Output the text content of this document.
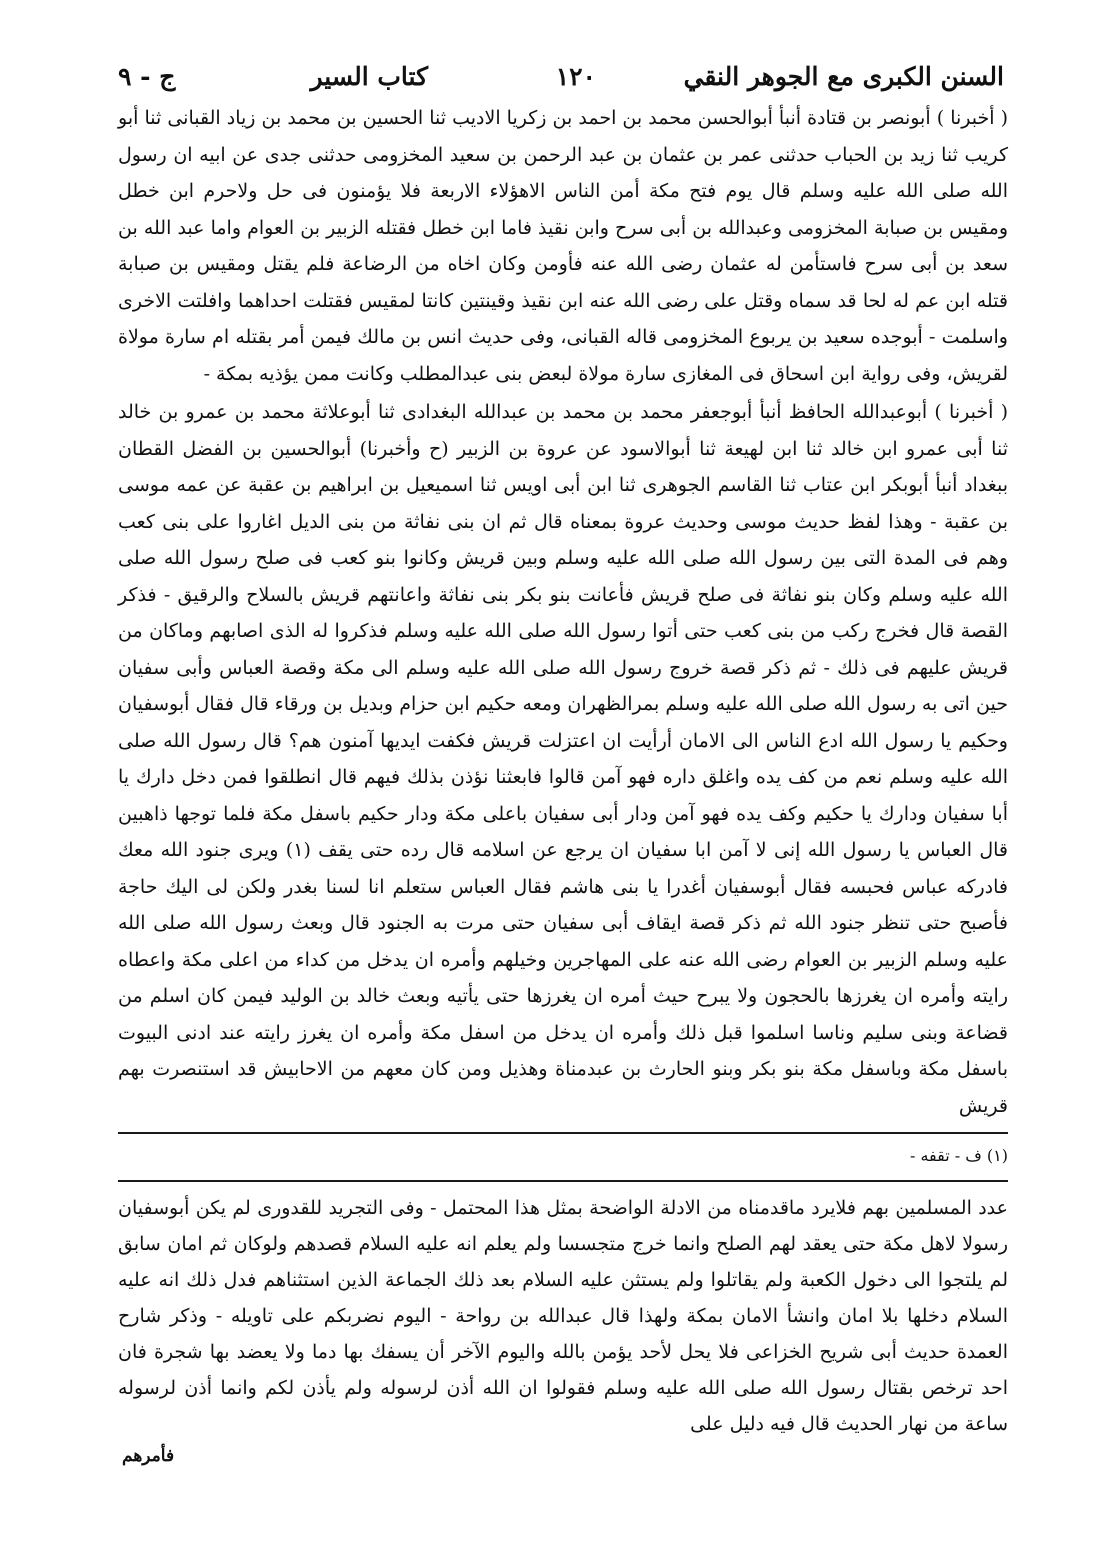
السنن الكبرى مع الجوهر النقي
١٢٠
كتاب السير
ج - ٩

( أخبرنا ) أبونصر بن قتادة أنبأ أبوالحسن محمد بن احمد بن زكريا الاديب ثنا الحسين بن محمد بن زياد القبانى ثنا أبو كريب ثنا زيد بن الحباب حدثنى عمر بن عثمان بن عبد الرحمن بن سعيد المخزومى حدثنى جدى عن ابيه ان رسول الله صلى الله عليه وسلم قال يوم فتح مكة أمن الناس الاهؤلاء الاربعة فلا يؤمنون فى حل ولاحرم ابن خطل ومقيس بن صبابة المخزومى وعبدالله بن أبى سرح وابن نقيذ فاما ابن خطل فقتله الزبير بن العوام واما عبد الله بن سعد بن أبى سرح فاستأمن له عثمان رضى الله عنه فأومن وكان اخاه من الرضاعة فلم يقتل ومقيس بن صبابة قتله ابن عم له لحا قد سماه وقتل على رضى الله عنه ابن نقيذ وقينتين كانتا لمقيس فقتلت احداهما وافلتت الاخرى واسلمت - أبوجده سعيد بن يربوع المخزومى قاله القبانى، وفى حديث انس بن مالك فيمن أمر بقتله ام سارة مولاة لقريش، وفى رواية ابن اسحاق فى المغازى سارة مولاة لبعض بنى عبدالمطلب وكانت ممن يؤذيه بمكة -

( أخبرنا ) أبوعبدالله الحافظ أنبأ أبوجعفر محمد بن محمد بن عبدالله البغدادى ثنا أبوعلاثة محمد بن عمرو بن خالد ثنا أبى عمرو ابن خالد ثنا ابن لهيعة ثنا أبوالاسود عن عروة بن الزبير (ح وأخبرنا) أبوالحسين بن الفضل القطان ببغداد أنبأ أبوبكر ابن عتاب ثنا القاسم الجوهرى ثنا ابن أبى اويس ثنا اسميعيل بن ابراهيم بن عقبة عن عمه موسى بن عقبة - وهذا لفظ حديث موسى وحديث عروة بمعناه قال ثم ان بنى نفاثة من بنى الديل اغاروا على بنى كعب وهم فى المدة التى بين رسول الله صلى الله عليه وسلم وبين قريش وكانوا بنو كعب فى صلح رسول الله صلى الله عليه وسلم وكان بنو نفاثة فى صلح قريش فأعانت بنو بكر بنى نفاثة واعانتهم قريش بالسلاح والرقيق - فذكر القصة قال فخرج ركب من بنى كعب حتى أتوا رسول الله صلى الله عليه وسلم فذكروا له الذى اصابهم وماكان من قريش عليهم فى ذلك - ثم ذكر قصة خروج رسول الله صلى الله عليه وسلم الى مكة وقصة العباس وأبى سفيان حين اتى به رسول الله صلى الله عليه وسلم بمرالظهران ومعه حكيم ابن حزام وبديل بن ورقاء قال فقال أبوسفيان وحكيم يا رسول الله ادع الناس الى الامان أرأيت ان اعتزلت قريش فكفت ايديها آمنون هم؟ قال رسول الله صلى الله عليه وسلم نعم من كف يده واغلق داره فهو آمن قالوا فابعثنا نؤذن بذلك فيهم قال انطلقوا فمن دخل دارك يا أبا سفيان ودارك يا حكيم وكف يده فهو آمن ودار أبى سفيان باعلى مكة ودار حكيم باسفل مكة فلما توجها ذاهبين قال العباس يا رسول الله إنى لا آمن ابا سفيان ان يرجع عن اسلامه قال رده حتى يقف (١) ويرى جنود الله معك فادركه عباس فحبسه فقال أبوسفيان أغدرا يا بنى هاشم فقال العباس ستعلم انا لسنا بغدر ولكن لى اليك حاجة فأصبح حتى تنظر جنود الله ثم ذكر قصة ايقاف أبى سفيان حتى مرت به الجنود قال وبعث رسول الله صلى الله عليه وسلم الزبير بن العوام رضى الله عنه على المهاجرين وخيلهم وأمره ان يدخل من كداء من اعلى مكة واعطاه رايته وأمره ان يغرزها بالحجون ولا يبرح حيث أمره ان يغرزها حتى يأتيه وبعث خالد بن الوليد فيمن كان اسلم من قضاعة وبنى سليم وناسا اسلموا قبل ذلك وأمره ان يدخل من اسفل مكة وأمره ان يغرز رايته عند ادنى البيوت باسفل مكة وباسفل مكة بنو بكر وبنو الحارث بن عبدمناة وهذيل ومن كان معهم من الاحابيش قد استنصرت بهم قريش

(١) ف - تقفه -

عدد المسلمين بهم فلايرد ماقدمناه من الادلة الواضحة بمثل هذا المحتمل - وفى التجريد للقدورى لم يكن أبوسفيان رسولا لاهل مكة حتى يعقد لهم الصلح وانما خرج متجسسا ولم يعلم انه عليه السلام قصدهم ولوكان ثم امان سابق لم يلتجوا الى دخول الكعبة ولم يقاتلوا ولم يستثن عليه السلام بعد ذلك الجماعة الذين استثناهم فدل ذلك انه عليه السلام دخلها بلا امان وانشأ الامان بمكة ولهذا قال عبدالله بن رواحة - اليوم نضربكم على تاويله - وذكر شارح العمدة حديث أبى شريح الخزاعى فلا يحل لأحد يؤمن بالله واليوم الآخر أن يسفك بها دما ولا يعضد بها شجرة فان احد ترخص بقتال رسول الله صلى الله عليه وسلم فقولوا ان الله أذن لرسوله ولم يأذن لكم وانما أذن لرسوله ساعة من نهار الحديث قال فيه دليل على

فأمرهم
